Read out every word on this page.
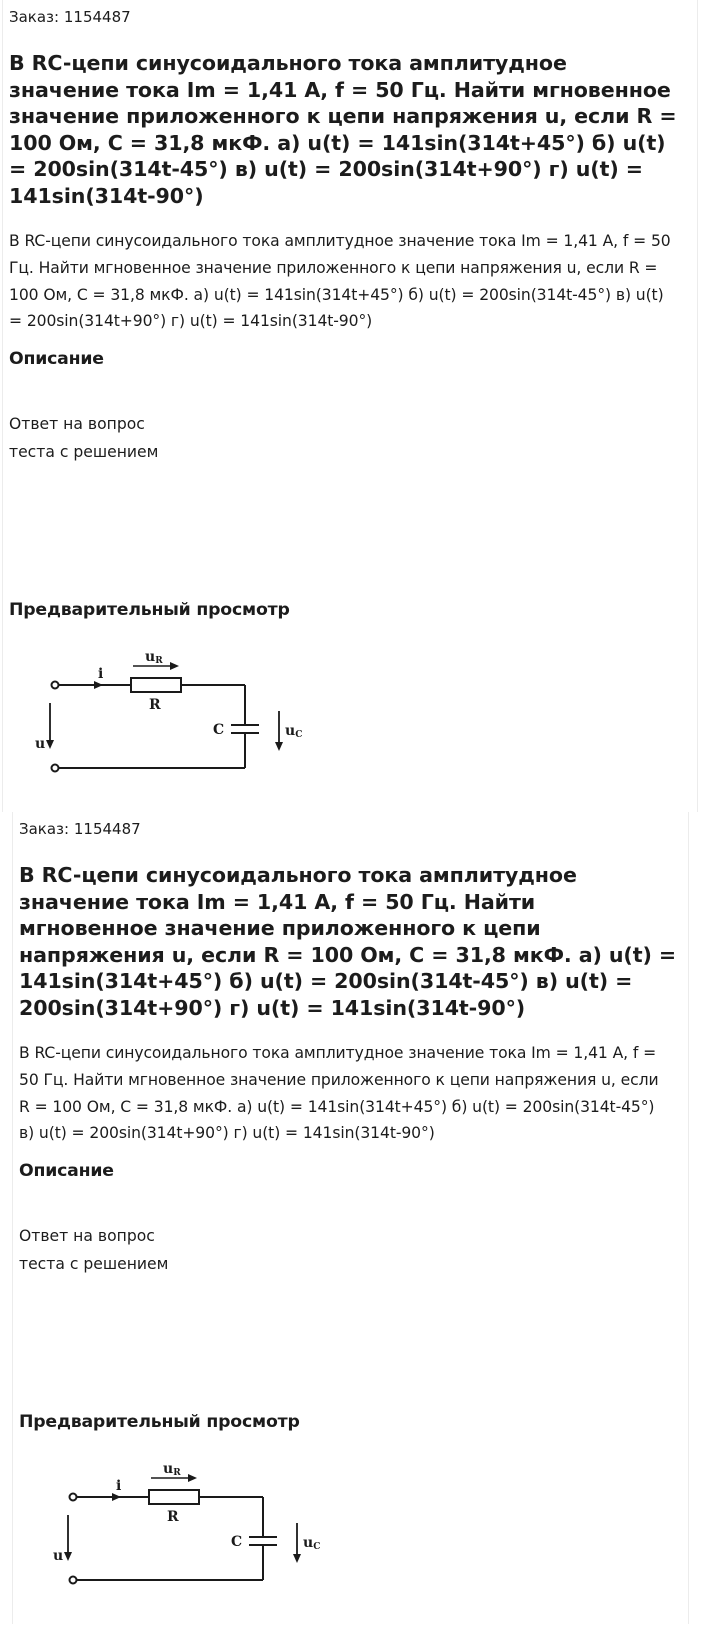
Заказ: 1154487
В RC-цепи синусоидального тока амплитудное значение тока Im = 1,41 А, f = 50 Гц. Найти мгновенное значение приложенного к цепи напряжения u, если R = 100 Ом, С = 31,8 мкФ. а) u(t) = 141sin(314t+45°) б) u(t) = 200sin(314t-45°) в) u(t) = 200sin(314t+90°) г) u(t) = 141sin(314t-90°)

В RC-цепи синусоидального тока амплитудное значение тока Im = 1,41 А, f = 50 Гц. Найти мгновенное значение приложенного к цепи напряжения u, если R = 100 Ом, С = 31,8 мкФ. а) u(t) = 141sin(314t+45°) б) u(t) = 200sin(314t-45°) в) u(t) = 200sin(314t+90°) г) u(t) = 141sin(314t-90°)

Описание
Ответ на вопрос
теста с решением
Предварительный просмотр
i
uR
R
C	uC
u
Заказ: 1154487
В RC-цепи синусоидального тока амплитудное значение тока Im = 1,41 А, f = 50 Гц. Найти мгновенное значение приложенного к цепи напряжения u, если R = 100 Ом, С = 31,8 мкФ. а) u(t) = 141sin(314t+45°) б) u(t) = 200sin(314t-45°) в) u(t) = 200sin(314t+90°) г) u(t) = 141sin(314t-90°)

В RC-цепи синусоидального тока амплитудное значение тока Im = 1,41 А, f = 50 Гц. Найти мгновенное значение приложенного к цепи напряжения u, если R = 100 Ом, С = 31,8 мкФ. а) u(t) = 141sin(314t+45°) б) u(t) = 200sin(314t-45°) в) u(t) = 200sin(314t+90°) г) u(t) = 141sin(314t-90°)

Описание
Ответ на вопрос
теста с решением
Предварительный просмотр
i
uR
R
C	uC
u
